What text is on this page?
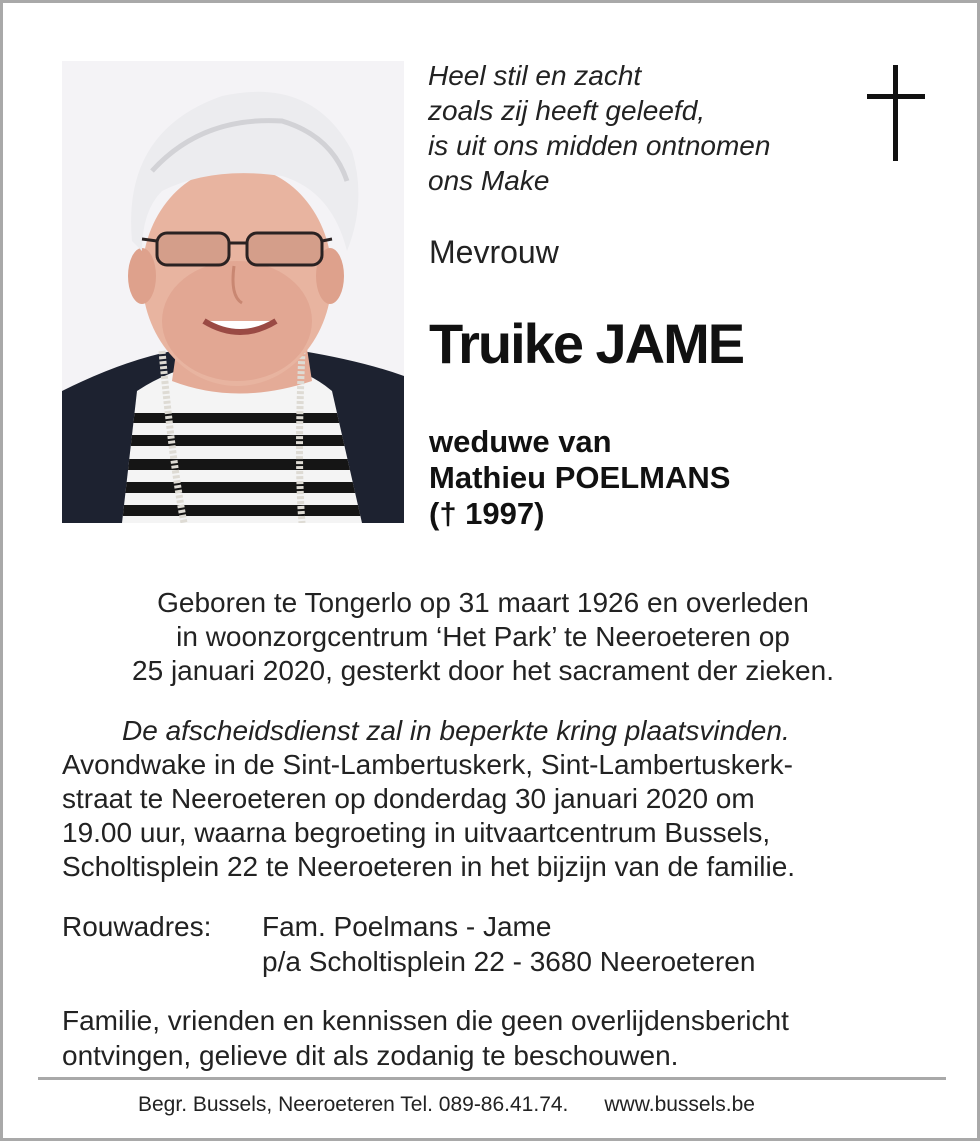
Heel stil en zacht
zoals zij heeft geleefd,
is uit ons midden ontnomen
ons Make
Mevrouw
Truike JAME
weduwe van
Mathieu POELMANS
(† 1997)
Geboren te Tongerlo op 31 maart 1926 en overleden
in woonzorgcentrum ‘Het Park’ te Neeroeteren op
25 januari 2020, gesterkt door het sacrament der zieken.
De afscheidsdienst zal in beperkte kring plaatsvinden.
Avondwake in de Sint-Lambertuskerk, Sint-Lambertuskerk-
straat te Neeroeteren op donderdag 30 januari 2020 om
19.00 uur, waarna begroeting in uitvaartcentrum Bussels,
Scholtisplein 22 te Neeroeteren in het bijzijn van de familie.
Rouwadres: Fam. Poelmans - Jame
p/a Scholtisplein 22 - 3680 Neeroeteren
Familie, vrienden en kennissen die geen overlijdensbericht
ontvingen, gelieve dit als zodanig te beschouwen.
Begr. Bussels, Neeroeteren Tel. 089-86.41.74. www.bussels.be
